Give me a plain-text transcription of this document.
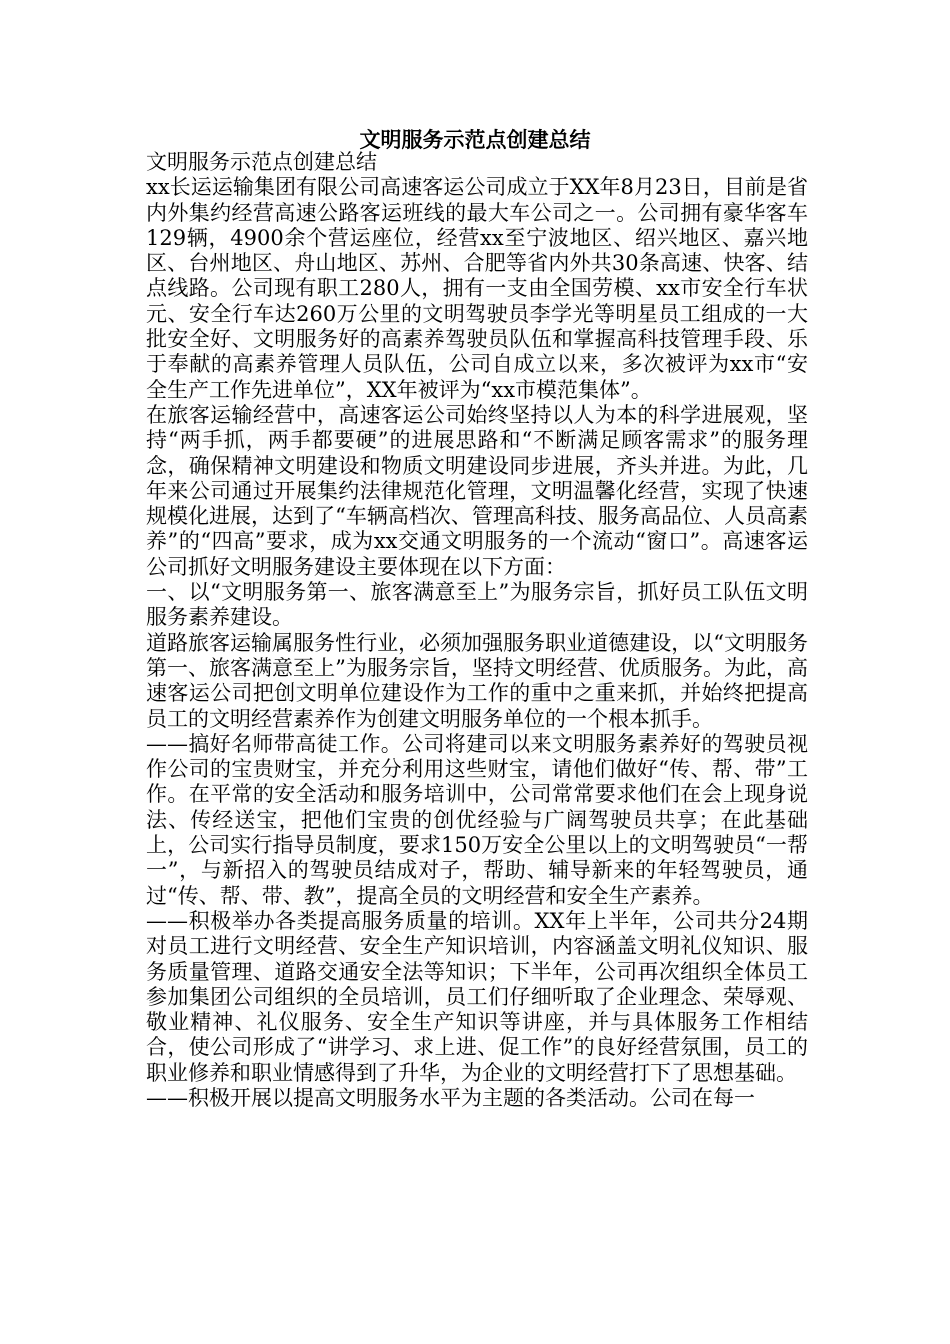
文明服务示范点创建总结

文明服务示范点创建总结

xx长运运输集团有限公司高速客运公司成立于XX年8月23日，目前是省内外集约经营高速公路客运班线的最大车公司之一。公司拥有豪华客车129辆，4900余个营运座位，经营xx至宁波地区、绍兴地区、嘉兴地区、台州地区、舟山地区、苏州、合肥等省内外共30条高速、快客、结点线路。公司现有职工280人，拥有一支由全国劳模、xx市安全行车状元、安全行车达260万公里的文明驾驶员李学光等明星员工组成的一大批安全好、文明服务好的高素养驾驶员队伍和掌握高科技管理手段、乐于奉献的高素养管理人员队伍，公司自成立以来，多次被评为xx市“安全生产工作先进单位”，XX年被评为“xx市模范集体”。

在旅客运输经营中，高速客运公司始终坚持以人为本的科学进展观，坚持“两手抓，两手都要硬”的进展思路和“不断满足顾客需求”的服务理念，确保精神文明建设和物质文明建设同步进展，齐头并进。为此，几年来公司通过开展集约法律规范化管理，文明温馨化经营，实现了快速规模化进展，达到了“车辆高档次、管理高科技、服务高品位、人员高素养”的“四高”要求，成为xx交通文明服务的一个流动“窗口”。高速客运公司抓好文明服务建设主要体现在以下方面：

一、以“文明服务第一、旅客满意至上”为服务宗旨，抓好员工队伍文明服务素养建设。

道路旅客运输属服务性行业，必须加强服务职业道德建设，以“文明服务第一、旅客满意至上”为服务宗旨，坚持文明经营、优质服务。为此，高速客运公司把创文明单位建设作为工作的重中之重来抓，并始终把提高员工的文明经营素养作为创建文明服务单位的一个根本抓手。

——搞好名师带高徒工作。公司将建司以来文明服务素养好的驾驶员视作公司的宝贵财宝，并充分利用这些财宝，请他们做好“传、帮、带”工作。在平常的安全活动和服务培训中，公司常常要求他们在会上现身说法、传经送宝，把他们宝贵的创优经验与广阔驾驶员共享；在此基础上，公司实行指导员制度，要求150万安全公里以上的文明驾驶员“一帮一”，与新招入的驾驶员结成对子，帮助、辅导新来的年轻驾驶员，通过“传、帮、带、教”，提高全员的文明经营和安全生产素养。

——积极举办各类提高服务质量的培训。XX年上半年，公司共分24期对员工进行文明经营、安全生产知识培训，内容涵盖文明礼仪知识、服务质量管理、道路交通安全法等知识；下半年，公司再次组织全体员工参加集团公司组织的全员培训，员工们仔细听取了企业理念、荣辱观、敬业精神、礼仪服务、安全生产知识等讲座，并与具体服务工作相结合，使公司形成了“讲学习、求上进、促工作”的良好经营氛围，员工的职业修养和职业情感得到了升华，为企业的文明经营打下了思想基础。

——积极开展以提高文明服务水平为主题的各类活动。公司在每一
